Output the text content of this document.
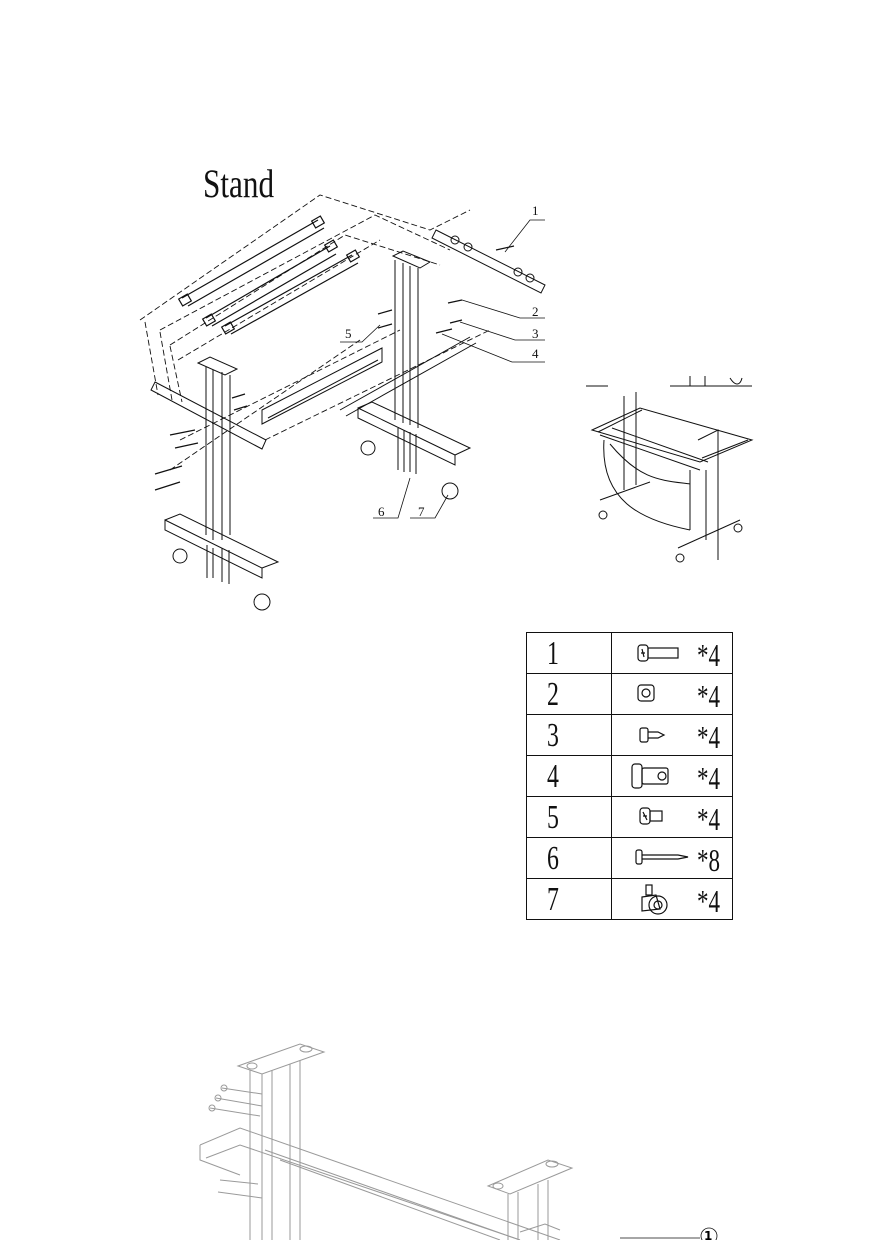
Stand
1
2
3
5
4
6	7
1	*4

2	*4

3	*4

4	*4

5	*4

6	*8

7	*4
1
